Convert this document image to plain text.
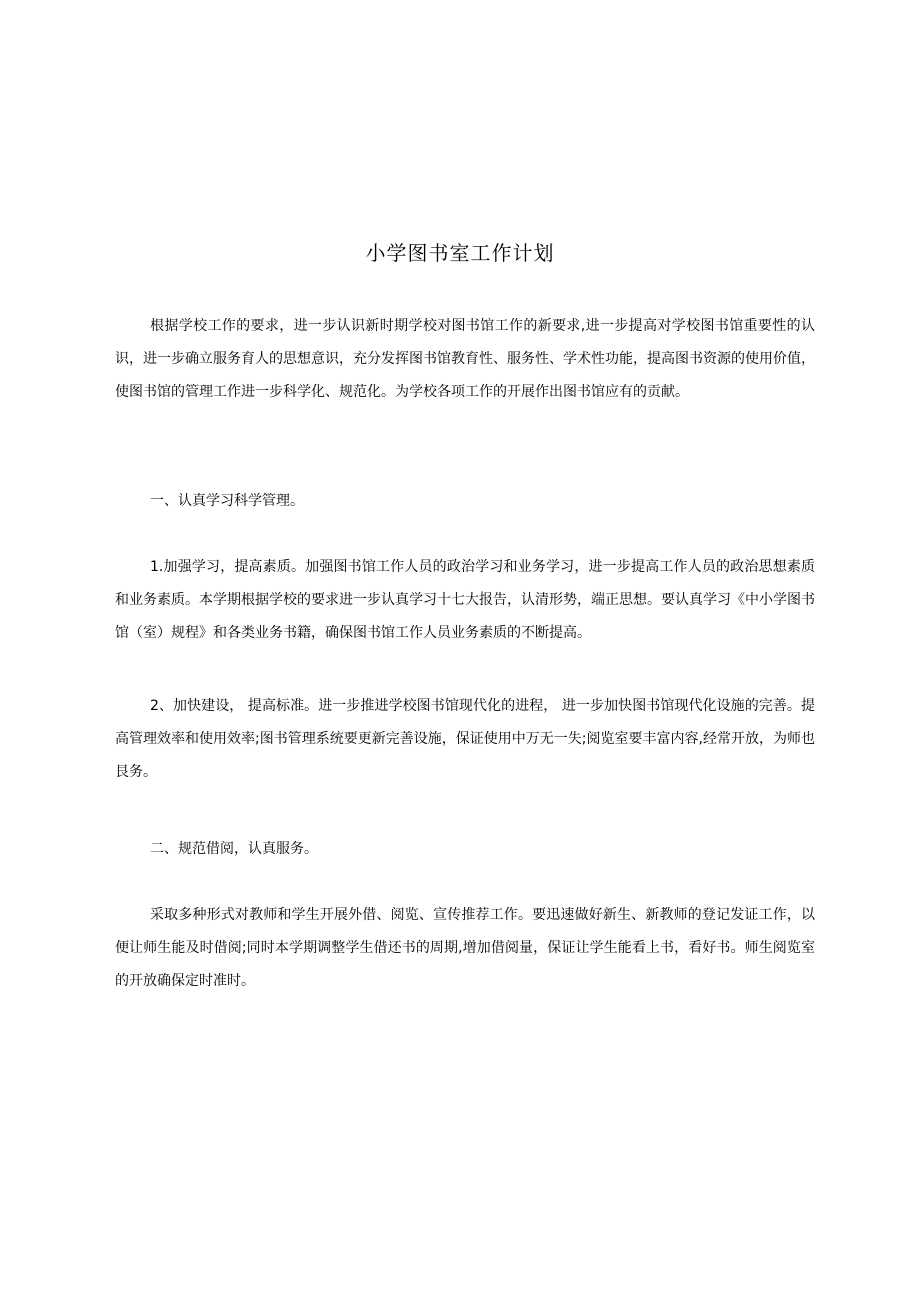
小学图书室工作计划

根据学校工作的要求，进一步认识新时期学校对图书馆工作的新要求,进一步提高对学校图书馆重要性的认识，进一步确立服务育人的思想意识，充分发挥图书馆教育性、服务性、学术性功能，提高图书资源的使用价值，使图书馆的管理工作进一步科学化、规范化。为学校各项工作的开展作出图书馆应有的贡献。

一、认真学习科学管理。

1.加强学习，提高素质。加强图书馆工作人员的政治学习和业务学习，进一步提高工作人员的政治思想素质和业务素质。本学期根据学校的要求进一步认真学习十七大报告，认清形势，端正思想。要认真学习《中小学图书馆（室）规程》和各类业务书籍，确保图书馆工作人员业务素质的不断提高。

2、加快建设， 提高标准。进一步推进学校图书馆现代化的进程， 进一步加快图书馆现代化设施的完善。提高管理效率和使用效率;图书管理系统要更新完善设施，保证使用中万无一失;阅览室要丰富内容,经常开放，为师也艮务。

二、规范借阅，认真服务。

采取多种形式对教师和学生开展外借、阅览、宣传推荐工作。要迅速做好新生、新教师的登记发证工作，以便让师生能及时借阅;同时本学期调整学生借还书的周期,增加借阅量，保证让学生能看上书，看好书。师生阅览室的开放确保定时准时。
